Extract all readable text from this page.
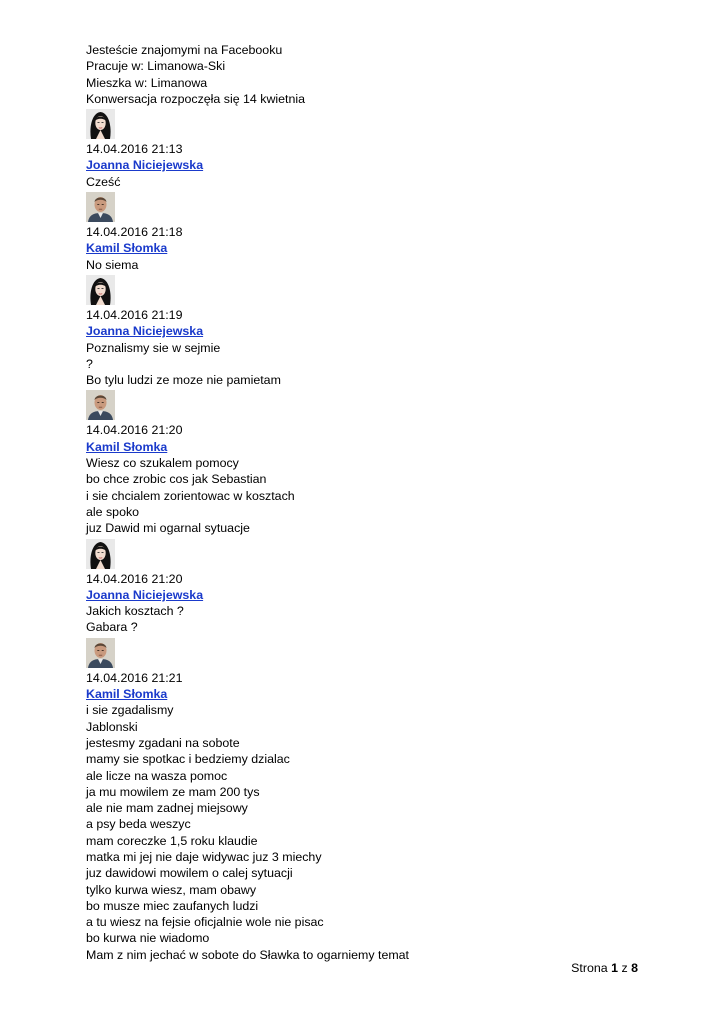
Jesteście znajomymi na Facebooku
Pracuje w: Limanowa-Ski
Mieszka w: Limanowa
Konwersacja rozpoczęła się 14 kwietnia
14.04.2016 21:13
Joanna Niciejewska
Cześć
14.04.2016 21:18
Kamil Słomka
No siema
14.04.2016 21:19
Joanna Niciejewska
Poznalismy sie w sejmie
?
Bo tylu ludzi ze moze nie pamietam
14.04.2016 21:20
Kamil Słomka
Wiesz co szukalem pomocy
bo chce zrobic cos jak Sebastian
i sie chcialem zorientowac w kosztach
ale spoko
juz Dawid mi ogarnal sytuacje
14.04.2016 21:20
Joanna Niciejewska
Jakich kosztach ?
Gabara ?
14.04.2016 21:21
Kamil Słomka
i sie zgadalismy
Jablonski
jestesmy zgadani na sobote
mamy sie spotkac i bedziemy dzialac
ale licze na wasza pomoc
ja mu mowilem ze mam 200 tys
ale nie mam zadnej miejsowy
a psy beda weszyc
mam coreczke 1,5 roku klaudie
matka mi jej nie daje widywac juz 3 miechy
juz dawidowi mowilem o calej sytuacji
tylko kurwa wiesz, mam obawy
bo musze miec zaufanych ludzi
a tu wiesz na fejsie oficjalnie wole nie pisac
bo kurwa nie wiadomo
Mam z nim jechać w sobote do Sławka to ogarniemy temat
Strona 1 z 8
